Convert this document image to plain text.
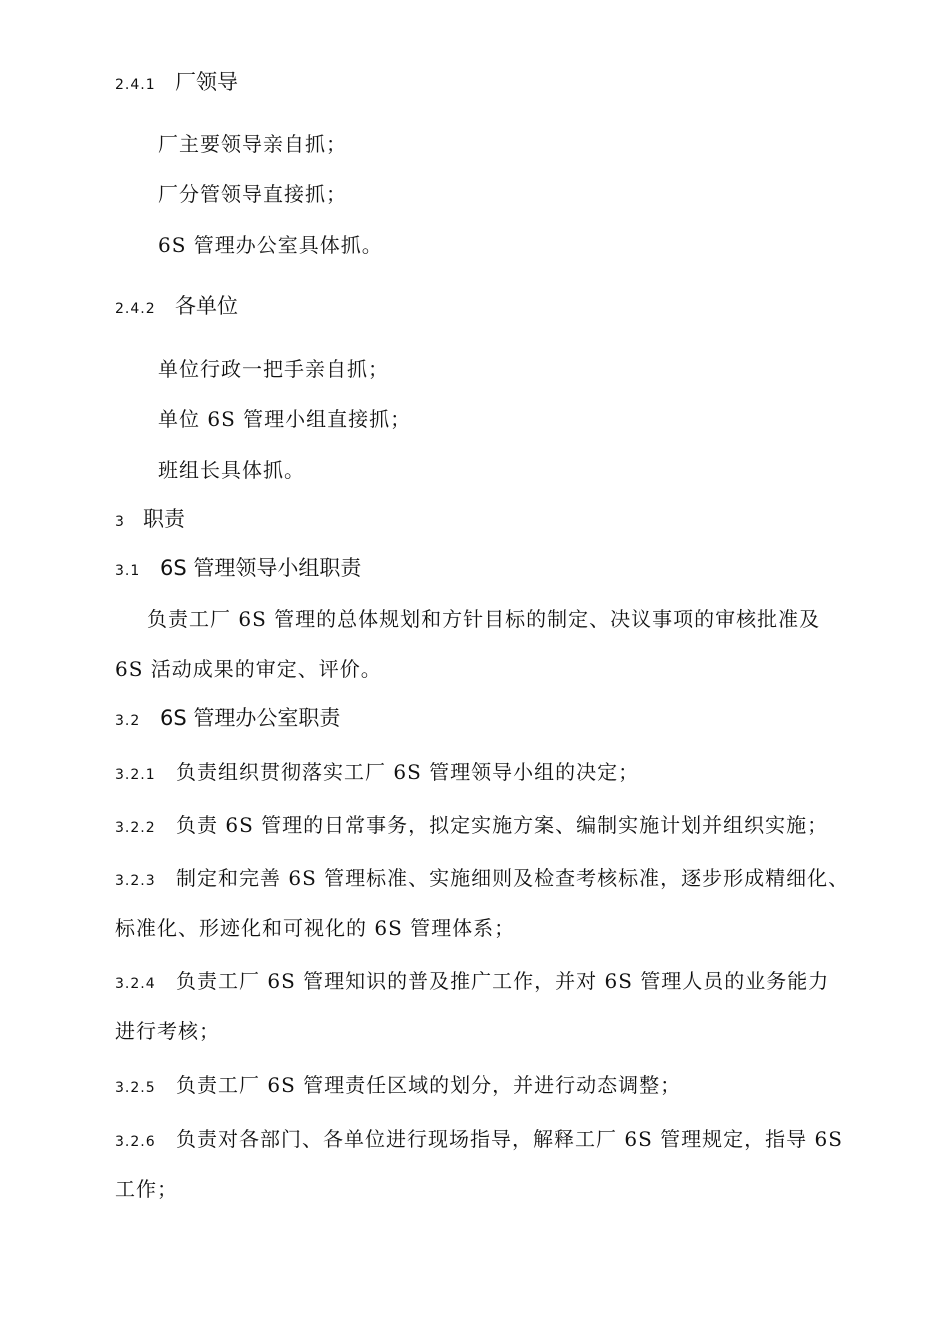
2.4.1 厂领导
厂主要领导亲自抓；
厂分管领导直接抓；
6S 管理办公室具体抓。
2.4.2 各单位
单位行政一把手亲自抓；
单位 6S 管理小组直接抓；
班组长具体抓。
3 职责
3.1 6S 管理领导小组职责
负责工厂 6S 管理的总体规划和方针目标的制定、决议事项的审核批准及
6S 活动成果的审定、评价。
3.2 6S 管理办公室职责
3.2.1 负责组织贯彻落实工厂 6S 管理领导小组的决定；
3.2.2 负责 6S 管理的日常事务，拟定实施方案、编制实施计划并组织实施；
3.2.3 制定和完善 6S 管理标准、实施细则及检查考核标准，逐步形成精细化、
标准化、形迹化和可视化的 6S 管理体系；
3.2.4 负责工厂 6S 管理知识的普及推广工作，并对 6S 管理人员的业务能力
进行考核；
3.2.5 负责工厂 6S 管理责任区域的划分，并进行动态调整；
3.2.6 负责对各部门、各单位进行现场指导，解释工厂 6S 管理规定，指导 6S
工作；
